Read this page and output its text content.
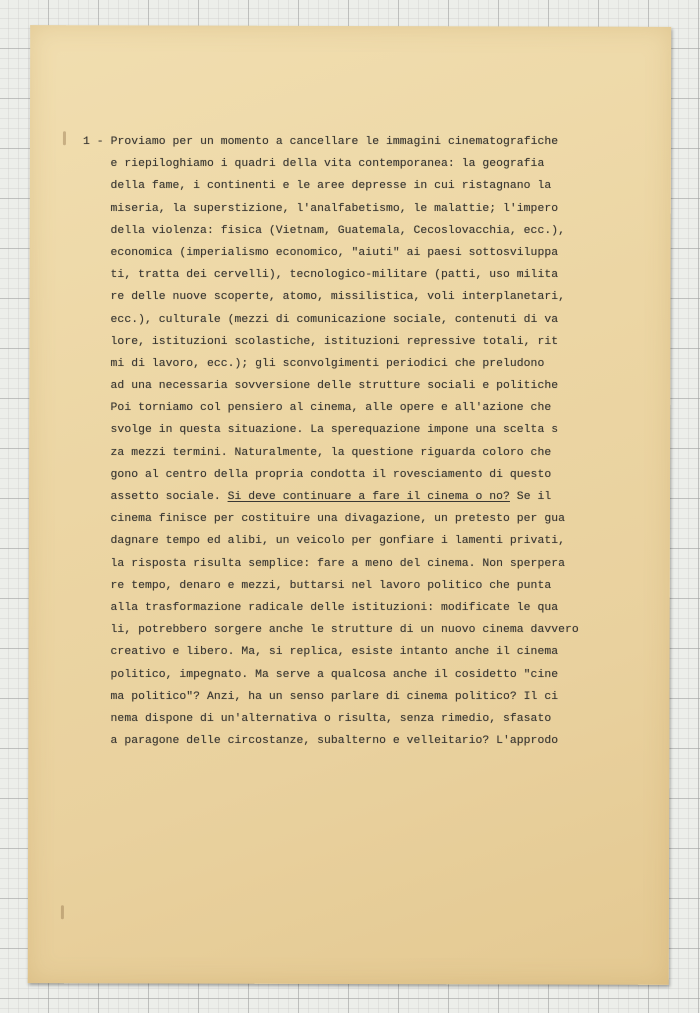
1 - Proviamo per un momento a cancellare le immagini cinematografiche
e riepiloghiamo i quadri della vita contemporanea: la geografia
della fame, i continenti e le aree depresse in cui ristagnano la
miseria, la superstizione, l'analfabetismo, le malattie; l'impero
della violenza: fisica (Vietnam, Guatemala, Cecoslovacchia, ecc.),
economica (imperialismo economico, "aiuti" ai paesi sottosviluppa
ti, tratta dei cervelli), tecnologico-militare (patti, uso milita
re delle nuove scoperte, atomo, missilistica, voli interplanetari,
ecc.), culturale (mezzi di comunicazione sociale, contenuti di va
lore, istituzioni scolastiche, istituzioni repressive totali, rit
mi di lavoro, ecc.); gli sconvolgimenti periodici che preludono
ad una necessaria sovversione delle strutture sociali e politiche
Poi torniamo col pensiero al cinema, alle opere e all'azione che
svolge in questa situazione. La sperequazione impone una scelta s
za mezzi termini. Naturalmente, la questione riguarda coloro che
gono al centro della propria condotta il rovesciamento di questo
assetto sociale. Si deve continuare a fare il cinema o no? Se il
cinema finisce per costituire una divagazione, un pretesto per gua
dagnare tempo ed alibi, un veicolo per gonfiare i lamenti privati,
la risposta risulta semplice: fare a meno del cinema. Non sperpera
re tempo, denaro e mezzi, buttarsi nel lavoro politico che punta
alla trasformazione radicale delle istituzioni: modificate le qua
li, potrebbero sorgere anche le strutture di un nuovo cinema davvero
creativo e libero. Ma, si replica, esiste intanto anche il cinema
politico, impegnato. Ma serve a qualcosa anche il cosidetto "cine
ma politico"? Anzi, ha un senso parlare di cinema politico? Il ci
nema dispone di un'alternativa o risulta, senza rimedio, sfasato
a paragone delle circostanze, subalterno e velleitario? L'approdo
